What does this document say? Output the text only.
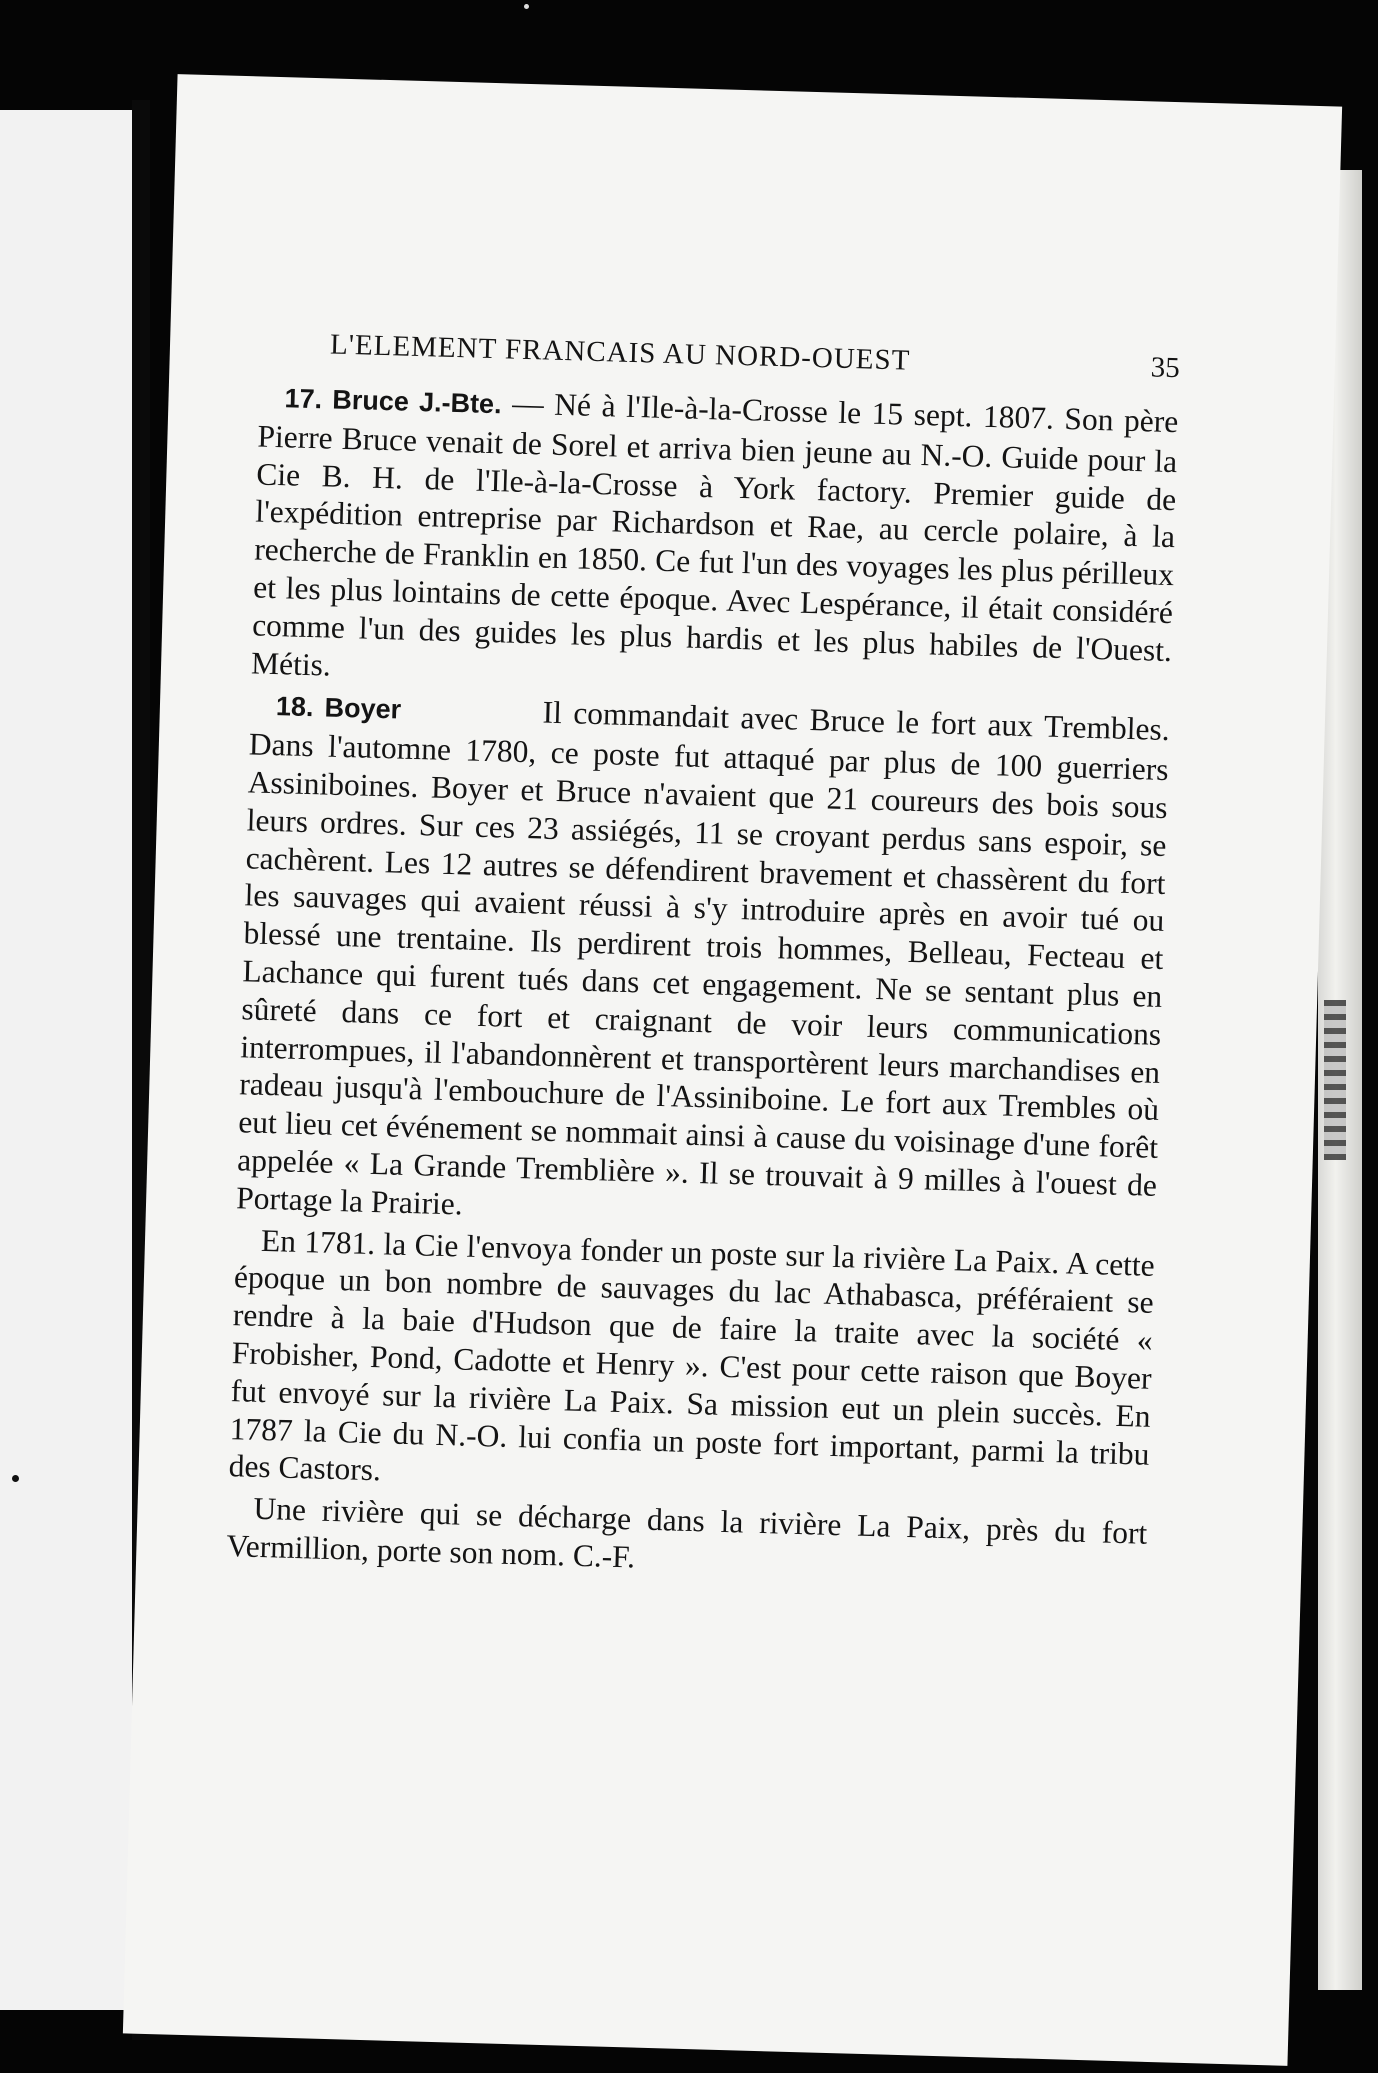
L'ELEMENT FRANCAIS AU NORD-OUEST	35

17. Bruce J.-Bte. — Né à l'Ile-à-la-Crosse le 15 sept. 1807. Son père Pierre Bruce venait de Sorel et arriva bien jeune au N.-O. Guide pour la Cie B. H. de l'Ile-à-la-Crosse à York factory. Premier guide de l'expédition entreprise par Richardson et Rae, au cercle polaire, à la recherche de Franklin en 1850. Ce fut l'un des voyages les plus périlleux et les plus lointains de cette époque. Avec Lespérance, il était considéré comme l'un des guides les plus hardis et les plus habiles de l'Ouest. Métis.

18. Boyer	Il commandait avec Bruce le fort aux Trembles. Dans l'automne 1780, ce poste fut attaqué par plus de 100 guerriers Assiniboines. Boyer et Bruce n'avaient que 21 coureurs des bois sous leurs ordres. Sur ces 23 assiégés, 11 se croyant perdus sans espoir, se cachèrent. Les 12 autres se défendirent bravement et chassèrent du fort les sauvages qui avaient réussi à s'y introduire après en avoir tué ou blessé une trentaine. Ils perdirent trois hommes, Belleau, Fecteau et Lachance qui furent tués dans cet engagement. Ne se sentant plus en sûreté dans ce fort et craignant de voir leurs communications interrompues, il l'abandonnèrent et transportèrent leurs marchandises en radeau jusqu'à l'embouchure de l'Assiniboine. Le fort aux Trembles où eut lieu cet événement se nommait ainsi à cause du voisinage d'une forêt appelée « La Grande Tremblière ». Il se trouvait à 9 milles à l'ouest de Portage la Prairie.

En 1781. la Cie l'envoya fonder un poste sur la rivière La Paix. A cette époque un bon nombre de sauvages du lac Athabasca, préféraient se rendre à la baie d'Hudson que de faire la traite avec la société « Frobisher, Pond, Cadotte et Henry ». C'est pour cette raison que Boyer fut envoyé sur la rivière La Paix. Sa mission eut un plein succès. En 1787 la Cie du N.-O. lui confia un poste fort important, parmi la tribu des Castors.

Une rivière qui se décharge dans la rivière La Paix, près du fort Vermillion, porte son nom. C.-F.
